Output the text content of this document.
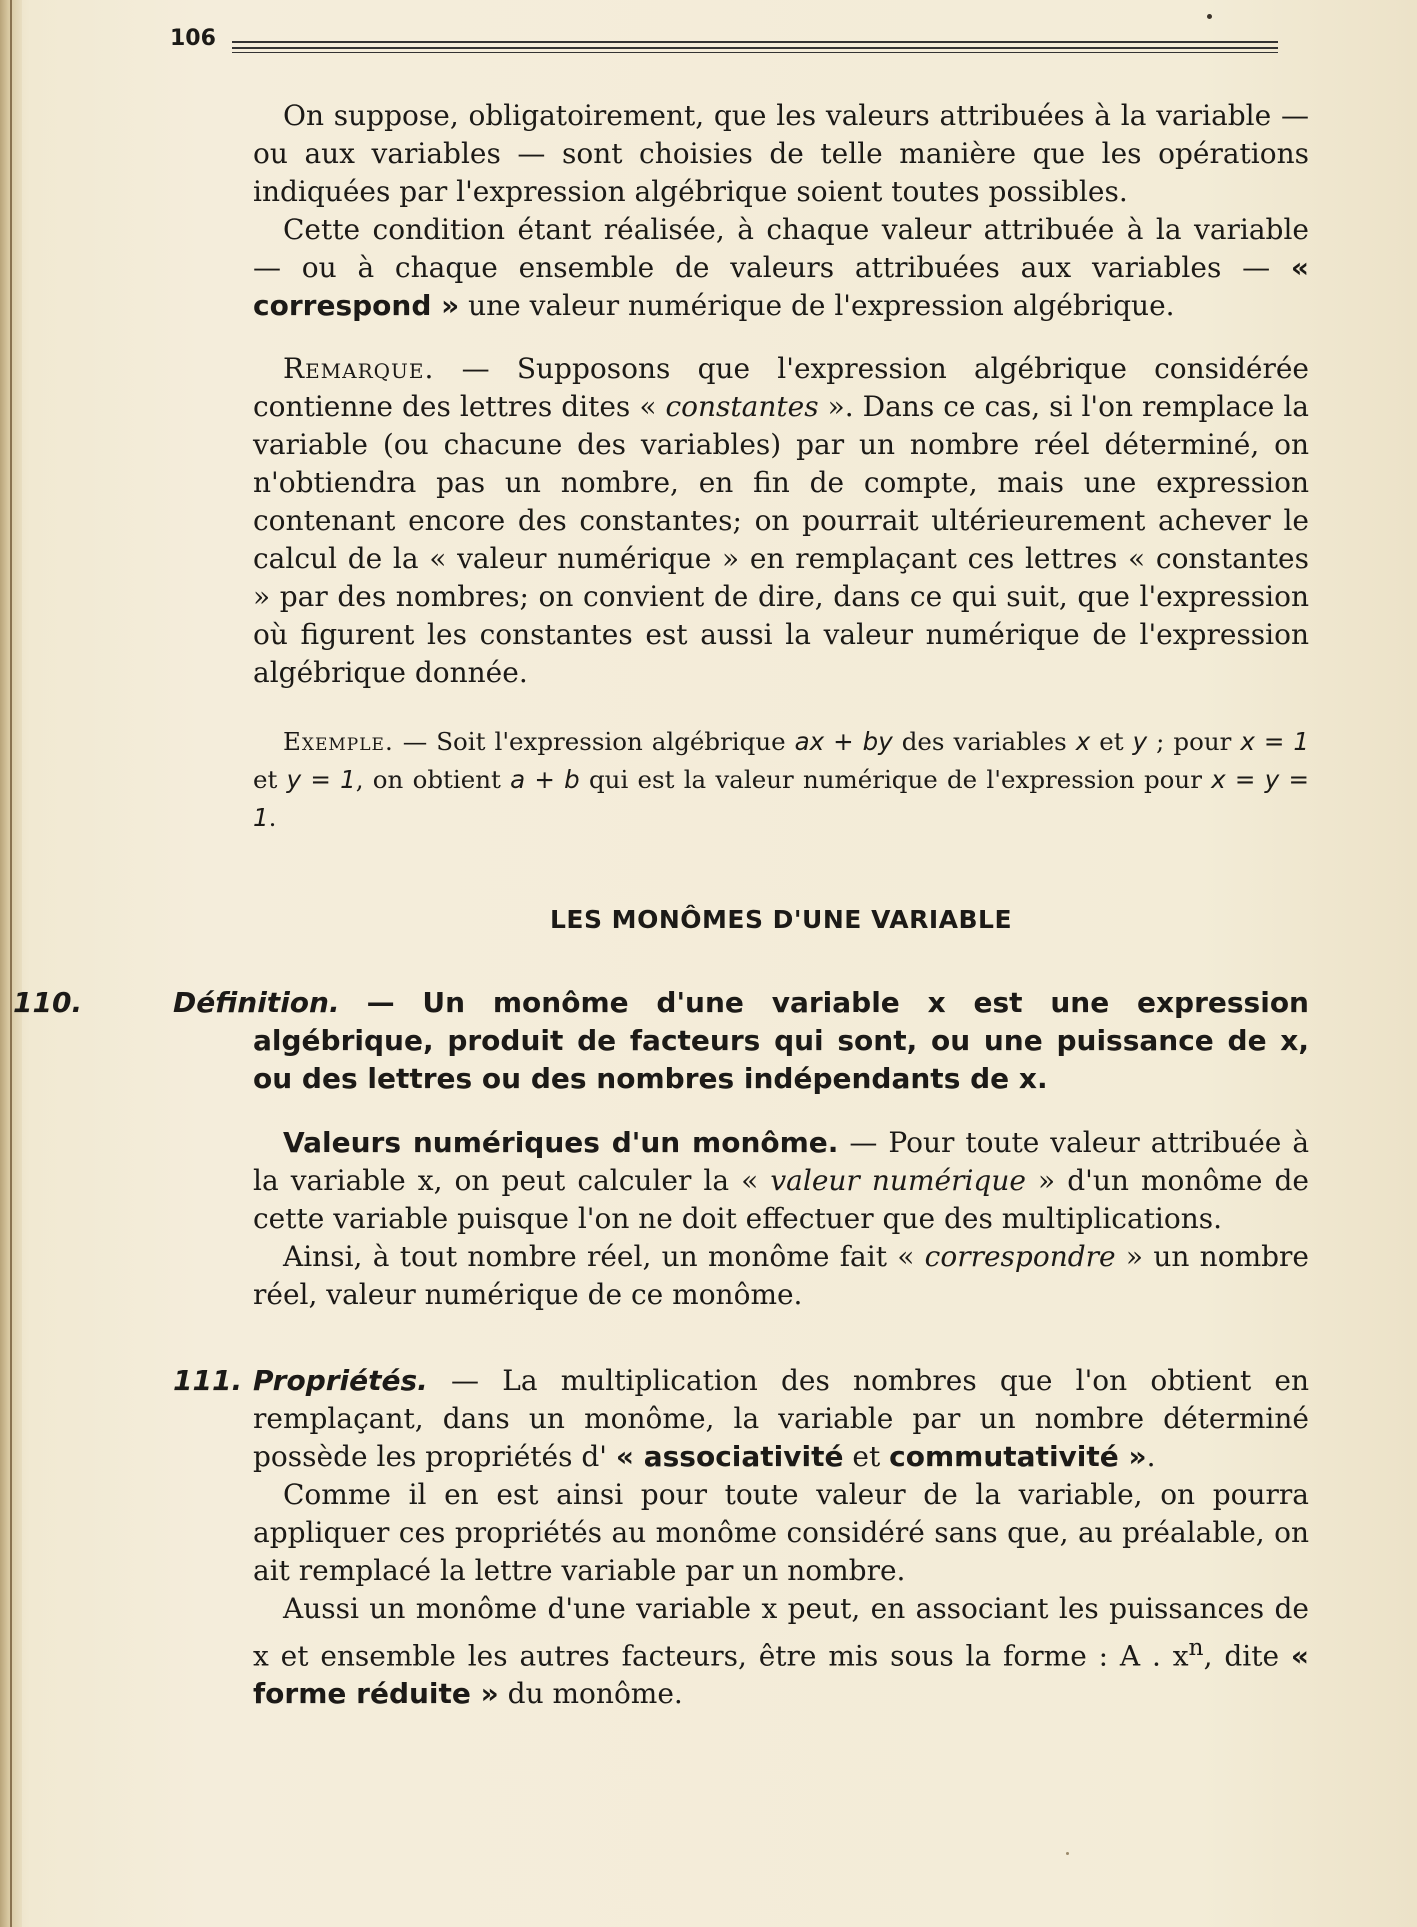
106

On suppose, obligatoirement, que les valeurs attribuées à la variable — ou aux variables — sont choisies de telle manière que les opérations indiquées par l'expression algébrique soient toutes possibles.

Cette condition étant réalisée, à chaque valeur attribuée à la variable — ou à chaque ensemble de valeurs attribuées aux variables — « correspond » une valeur numérique de l'expression algébrique.

Remarque. — Supposons que l'expression algébrique considérée contienne des lettres dites « constantes ». Dans ce cas, si l'on remplace la variable (ou chacune des variables) par un nombre réel déterminé, on n'obtiendra pas un nombre, en fin de compte, mais une expression contenant encore des constantes; on pourrait ultérieurement achever le calcul de la « valeur numérique » en remplaçant ces lettres « constantes » par des nombres; on convient de dire, dans ce qui suit, que l'expression où figurent les constantes est aussi la valeur numérique de l'expression algébrique donnée.

Exemple. — Soit l'expression algébrique ax + by des variables x et y ; pour x = 1 et y = 1, on obtient a + b qui est la valeur numérique de l'expression pour x = y = 1.

LES MONÔMES D'UNE VARIABLE

110.	Définition. — Un monôme d'une variable x est une expression algébrique, produit de facteurs qui sont, ou une puissance de x, ou des lettres ou des nombres indépendants de x.

Valeurs numériques d'un monôme. — Pour toute valeur attribuée à la variable x, on peut calculer la « valeur numérique » d'un monôme de cette variable puisque l'on ne doit effectuer que des multiplications.

Ainsi, à tout nombre réel, un monôme fait « correspondre » un nombre réel, valeur numérique de ce monôme.

111. Propriétés. — La multiplication des nombres que l'on obtient en remplaçant, dans un monôme, la variable par un nombre déterminé possède les propriétés d' « associativité et commutativité ».

Comme il en est ainsi pour toute valeur de la variable, on pourra appliquer ces propriétés au monôme considéré sans que, au préalable, on ait remplacé la lettre variable par un nombre.

Aussi un monôme d'une variable x peut, en associant les puissances de x et ensemble les autres facteurs, être mis sous la forme : A . $x^n$, dite « forme réduite » du monôme.
